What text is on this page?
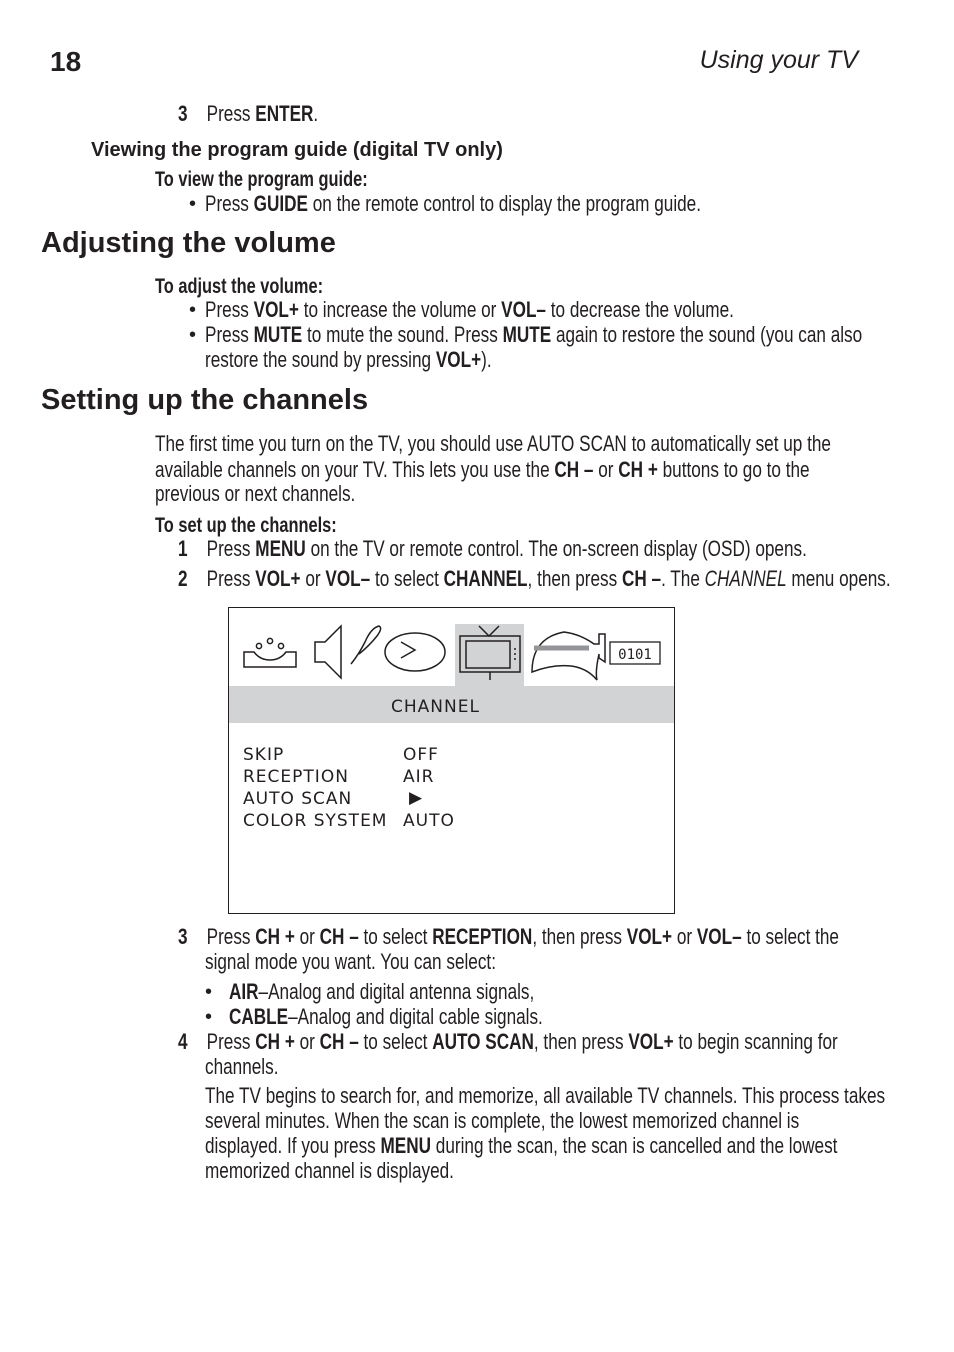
18	Using your TV
3 Press ENTER.
Viewing the program guide (digital TV only)
To view the program guide:
• Press GUIDE on the remote control to display the program guide.
Adjusting the volume
To adjust the volume:
• Press VOL+ to increase the volume or VOL– to decrease the volume.
• Press MUTE to mute the sound. Press MUTE again to restore the sound (you can also
restore the sound by pressing VOL+).
Setting up the channels
The first time you turn on the TV, you should use AUTO SCAN to automatically set up the
available channels on your TV. This lets you use the CH – or CH + buttons to go to the
previous or next channels.
To set up the channels:
1 Press MENU on the TV or remote control. The on-screen display (OSD) opens.
2 Press VOL+ or VOL– to select CHANNEL, then press CH –. The CHANNEL menu opens.
0101
CHANNEL
SKIP	OFF
RECEPTION	AIR
AUTO SCAN	▶
COLOR SYSTEM AUTO
3 Press CH + or CH – to select RECEPTION, then press VOL+ or VOL– to select the
signal mode you want. You can select:
• AIR–Analog and digital antenna signals,
• CABLE–Analog and digital cable signals.
4 Press CH + or CH – to select AUTO SCAN, then press VOL+ to begin scanning for
channels.
The TV begins to search for, and memorize, all available TV channels. This process takes
several minutes. When the scan is complete, the lowest memorized channel is
displayed. If you press MENU during the scan, the scan is cancelled and the lowest
memorized channel is displayed.
